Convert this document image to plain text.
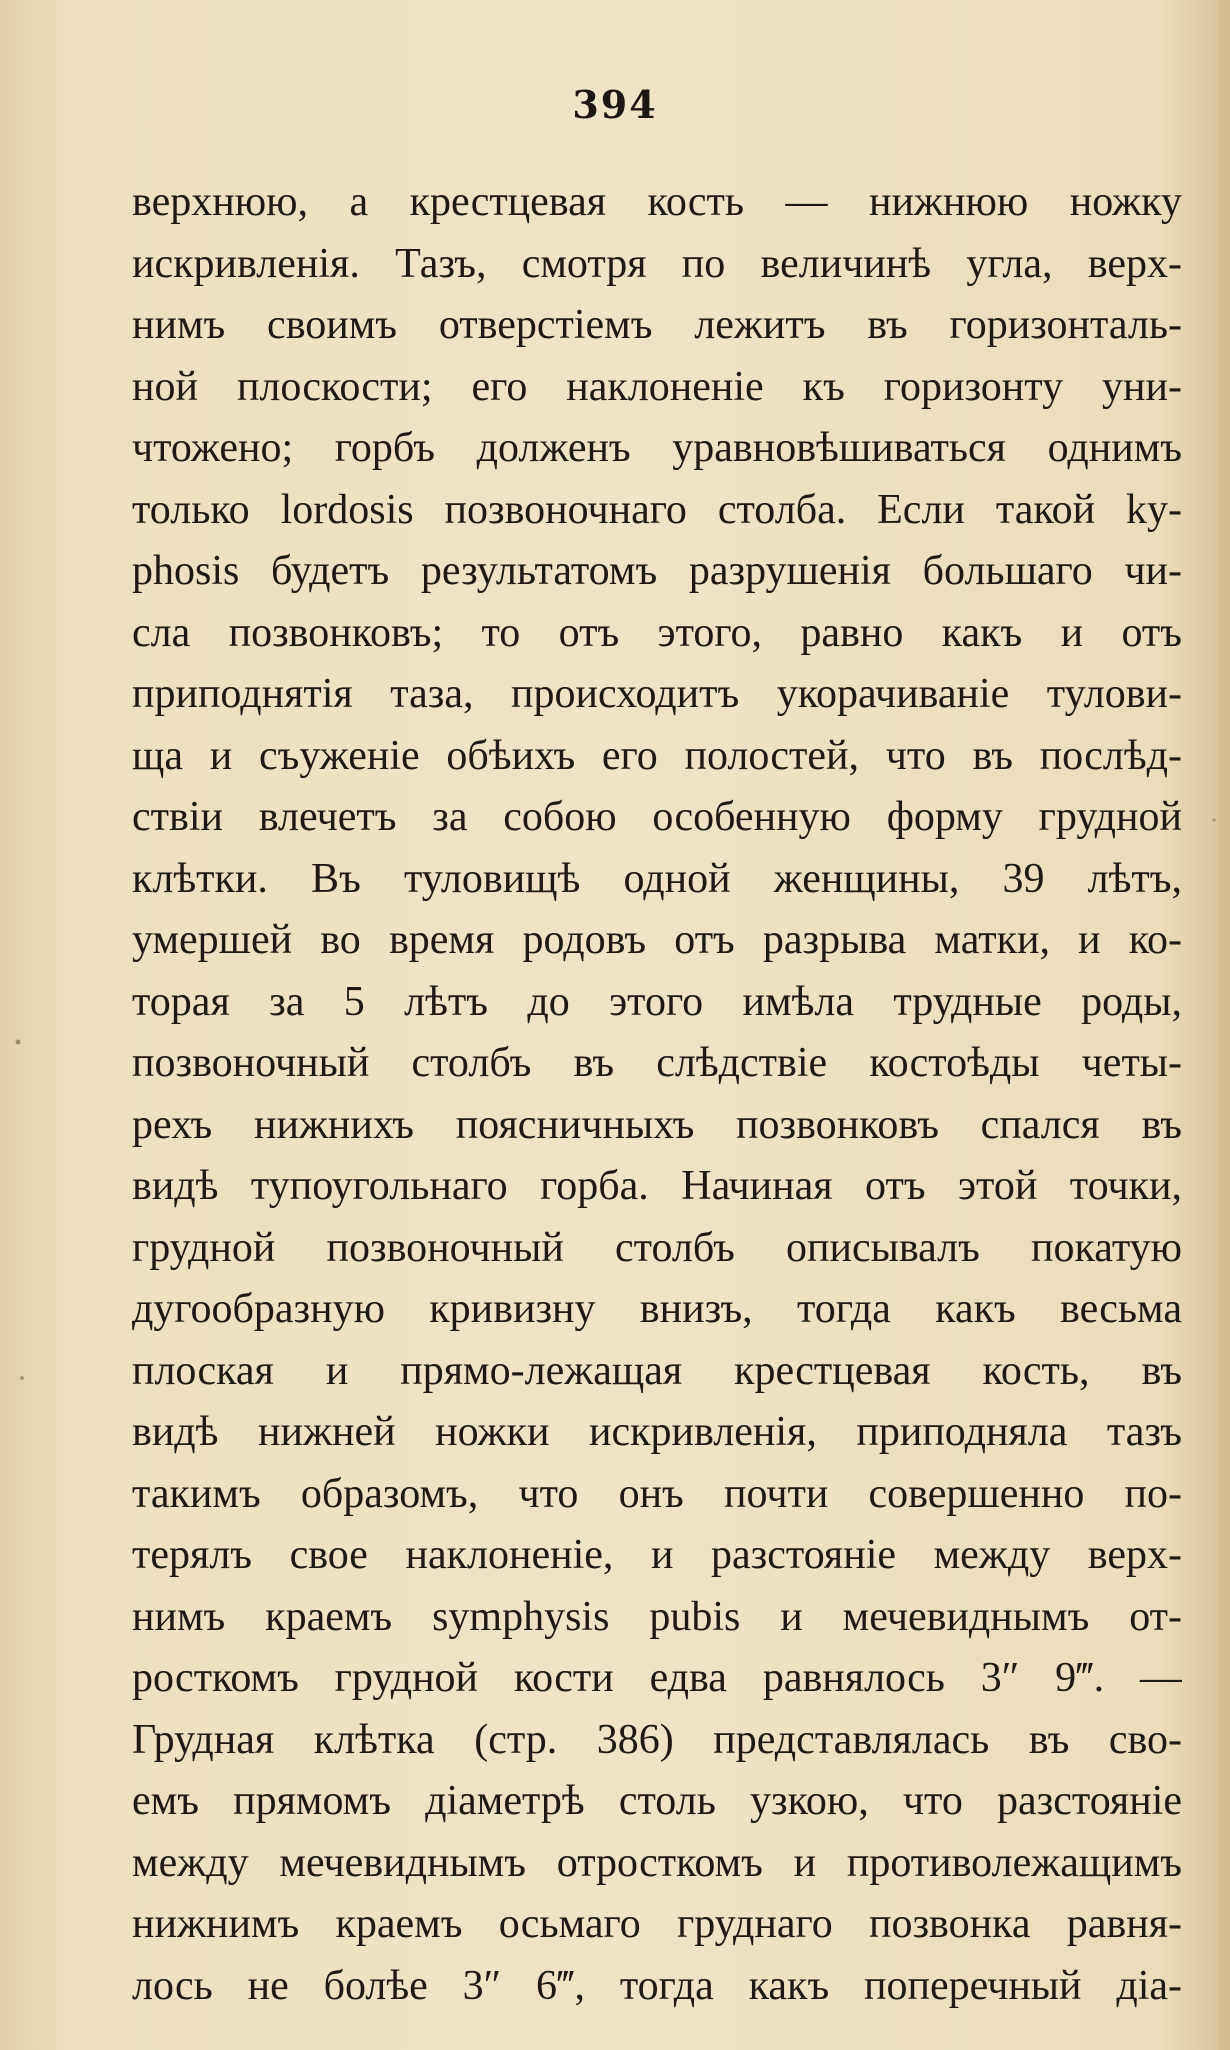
394
верхнюю, а крестцевая кость — нижнюю ножку
искривленія. Тазъ, смотря по величинѣ угла, верх-
нимъ своимъ отверстіемъ лежитъ въ горизонталь-
ной плоскости; его наклоненіе къ горизонту уни-
чтожено; горбъ долженъ уравновѣшиваться однимъ
только lordosis позвоночнаго столба. Если такой ky-
phosis будетъ результатомъ разрушенія большаго чи-
сла позвонковъ; то отъ этого, равно какъ и отъ
приподнятія таза, происходитъ укорачиваніе тулови-
ща и съуженіе обѣихъ его полостей, что въ послѣд-
ствіи влечетъ за собою особенную форму грудной
клѣтки. Въ туловищѣ одной женщины, 39 лѣтъ,
умершей во время родовъ отъ разрыва матки, и ко-
торая за 5 лѣтъ до этого имѣла трудные роды,
позвоночный столбъ въ слѣдствіе костоѣды четы-
рехъ нижнихъ поясничныхъ позвонковъ спался въ
видѣ тупоугольнаго горба. Начиная отъ этой точки,
грудной позвоночный столбъ описывалъ покатую
дугообразную кривизну внизъ, тогда какъ весьма
плоская и прямо-лежащая крестцевая кость, въ
видѣ нижней ножки искривленія, приподняла тазъ
такимъ образомъ, что онъ почти совершенно по-
терялъ свое наклоненіе, и разстояніе между верх-
нимъ краемъ symphysis pubis и мечевиднымъ от-
росткомъ грудной кости едва равнялось 3″ 9‴. —
Грудная клѣтка (стр. 386) представлялась въ сво-
емъ прямомъ діаметрѣ столь узкою, что разстояніе
между мечевиднымъ отросткомъ и противолежащимъ
нижнимъ краемъ осьмаго груднаго позвонка равня-
лось не болѣе 3″ 6‴, тогда какъ поперечный діа-
